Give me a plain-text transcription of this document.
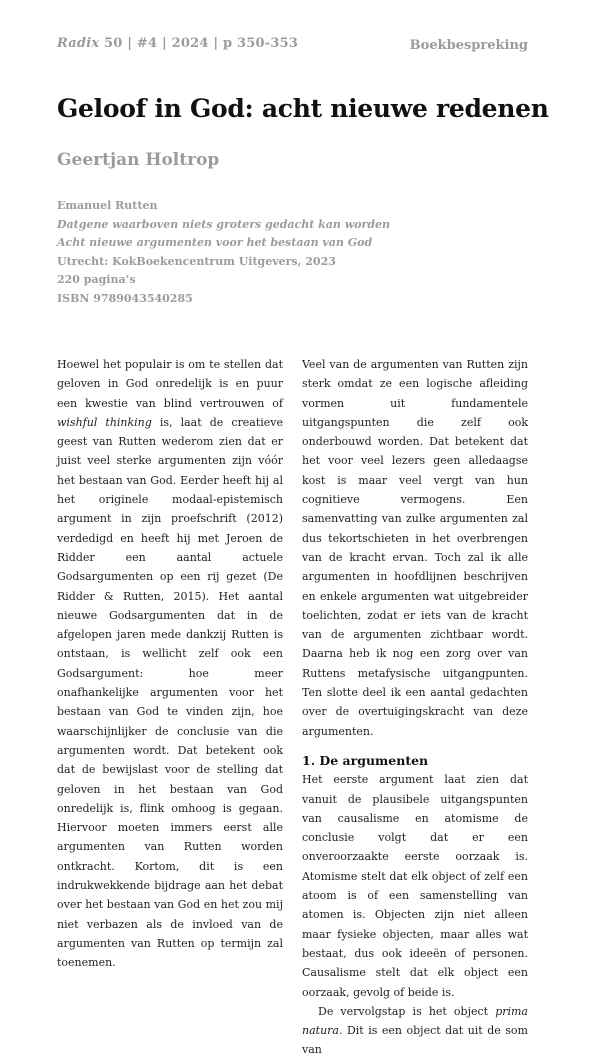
Radix 50 | #4 | 2024 | p 350-353	Boekbespreking
Geloof in God: acht nieuwe redenen
Geertjan Holtrop
Emanuel Rutten
Datgene waarboven niets groters gedacht kan worden
Acht nieuwe argumenten voor het bestaan van God
Utrecht: KokBoekencentrum Uitgevers, 2023
220 pagina’s
ISBN 9789043540285

Hoewel het populair is om te stellen dat geloven in God onredelijk is en puur een kwestie van blind vertrouwen of wishful thinking is, laat de creatieve geest van Rutten wederom zien dat er juist veel sterke argumenten zijn vóór het bestaan van God. Eerder heeft hij al het originele modaal-epistemisch argument in zijn proefschrift (2012) verdedigd en heeft hij met Jeroen de Ridder een aantal actuele Godsargumenten op een rij gezet (De Ridder & Rutten, 2015). Het aantal nieuwe Godsargumenten dat in de afgelopen jaren mede dankzij Rutten is ontstaan, is wellicht zelf ook een Godsargument: hoe meer onafhankelijke argumenten voor het bestaan van God te vinden zijn, hoe waarschijnlijker de conclusie van die argumenten wordt. Dat betekent ook dat de bewijslast voor de stelling dat geloven in het bestaan van God onredelijk is, flink omhoog is gegaan. Hiervoor moeten immers eerst alle argumenten van Rutten worden ontkracht. Kortom, dit is een indrukwekkende bijdrage aan het debat over het bestaan van God en het zou mij niet verbazen als de invloed van de argumenten van Rutten op termijn zal toenemen.

Veel van de argumenten van Rutten zijn sterk omdat ze een logische afleiding vormen uit fundamentele uitgangspunten die zelf ook onderbouwd worden. Dat betekent dat het voor veel lezers geen alledaagse kost is maar veel vergt van hun cognitieve vermogens. Een samenvatting van zulke argumenten zal dus tekortschieten in het overbrengen van de kracht ervan. Toch zal ik alle argumenten in hoofdlijnen beschrijven en enkele argumenten wat uitgebreider toelichten, zodat er iets van de kracht van de argumenten zichtbaar wordt. Daarna heb ik nog een zorg over van Ruttens metafysische uitgangpunten. Ten slotte deel ik een aantal gedachten over de overtuigingskracht van deze argumenten.

1. De argumenten

Het eerste argument laat zien dat vanuit de plausibele uitgangspunten van causalisme en atomisme de conclusie volgt dat er een onveroorzaakte eerste oorzaak is. Atomisme stelt dat elk object of zelf een atoom is of een samenstelling van atomen is. Objecten zijn niet alleen maar fysieke objecten, maar alles wat bestaat, dus ook ideeën of personen. Causalisme stelt dat elk object een oorzaak, gevolg of beide is.

De vervolgstap is het object prima natura. Dit is een object dat uit de som van
